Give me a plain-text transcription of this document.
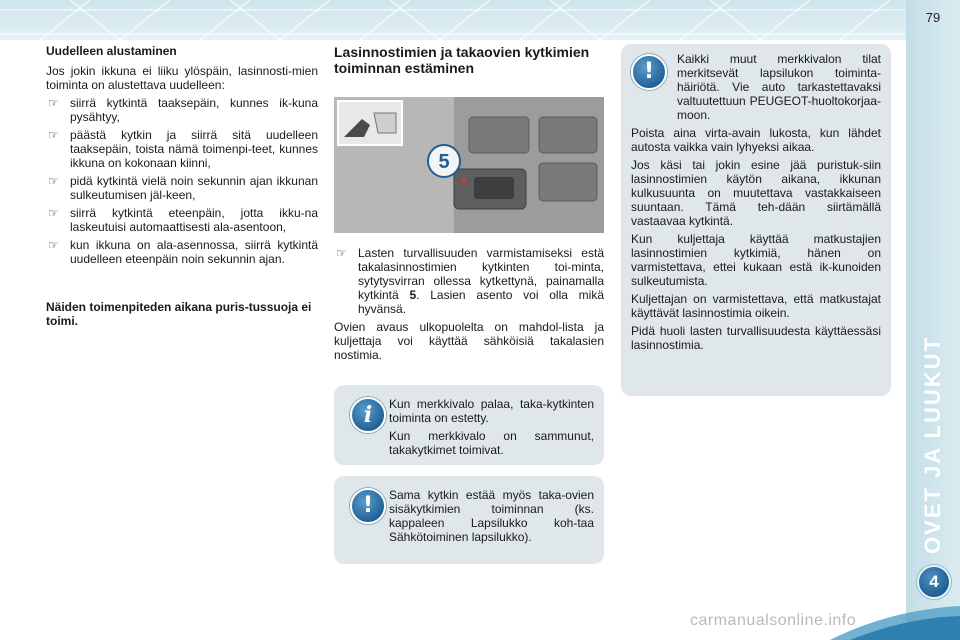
79
OVET JA LUUKUT
4
Uudelleen alustaminen

Jos jokin ikkuna ei liiku ylöspäin, lasinnosti-mien toiminta on alustettava uudelleen:

☞ siirrä kytkintä taaksepäin, kunnes ik-kuna pysähtyy,
☞ päästä kytkin ja siirrä sitä uudelleen taaksepäin, toista nämä toimenpi-teet, kunnes ikkuna on kokonaan kiinni,
☞ pidä kytkintä vielä noin sekunnin ajan ikkunan sulkeutumisen jäl-keen,
☞ siirrä kytkintä eteenpäin, jotta ikku-na laskeutuisi automaattisesti ala-asentoon,
☞ kun ikkuna on ala-asennossa, siirrä kytkintä uudelleen eteenpäin noin sekunnin ajan.
Näiden toimenpiteden aikana puris-tussuoja ei toimi.
Lasinnostimien ja takaovien kytkimien toiminnan estäminen
5
☞ Lasten turvallisuuden varmistamiseksi estä takalasinnostimien kytkinten toi-minta, sytytysvirran ollessa kytkettynä, painamalla kytkintä 5. Lasien asento voi olla mikä hyvänsä.

Ovien avaus ulkopuolelta on mahdol-lista ja kuljettaja voi käyttää sähköisiä takalasien nostimia.

i	Kun merkkivalo palaa, taka-kytkinten toiminta on estetty.

Kun merkkivalo on sammunut, takakytkimet toimivat.

!	Sama kytkin estää myös taka-ovien sisäkytkimien toiminnan (ks. kappaleen Lapsilukko koh-taa Sähkötoiminen lapsilukko).

!	Kaikki muut merkkivalon tilat merkitsevät lapsilukon toiminta-häiriötä. Vie auto tarkastettavaksi valtuutettuun PEUGEOT-huoltokorjaa-moon.

Poista aina virta-avain lukosta, kun lähdet autosta vaikka vain lyhyeksi aikaa.

Jos käsi tai jokin esine jää puristuk-siin lasinnostimien käytön aikana, ikkunan kulkusuunta on muutettava vastakkaiseen suuntaan. Tämä teh-dään siirtämällä vastaavaa kytkintä.

Kun kuljettaja käyttää matkustajien lasinnostimien kytkimiä, hänen on varmistettava, ettei kukaan estä ik-kunoiden sulkeutumista.

Kuljettajan on varmistettava, että matkustajat käyttävät lasinnostimia oikein.

Pidä huoli lasten turvallisuudesta käyttäessäsi lasinnostimia.

carmanualsonline.info
